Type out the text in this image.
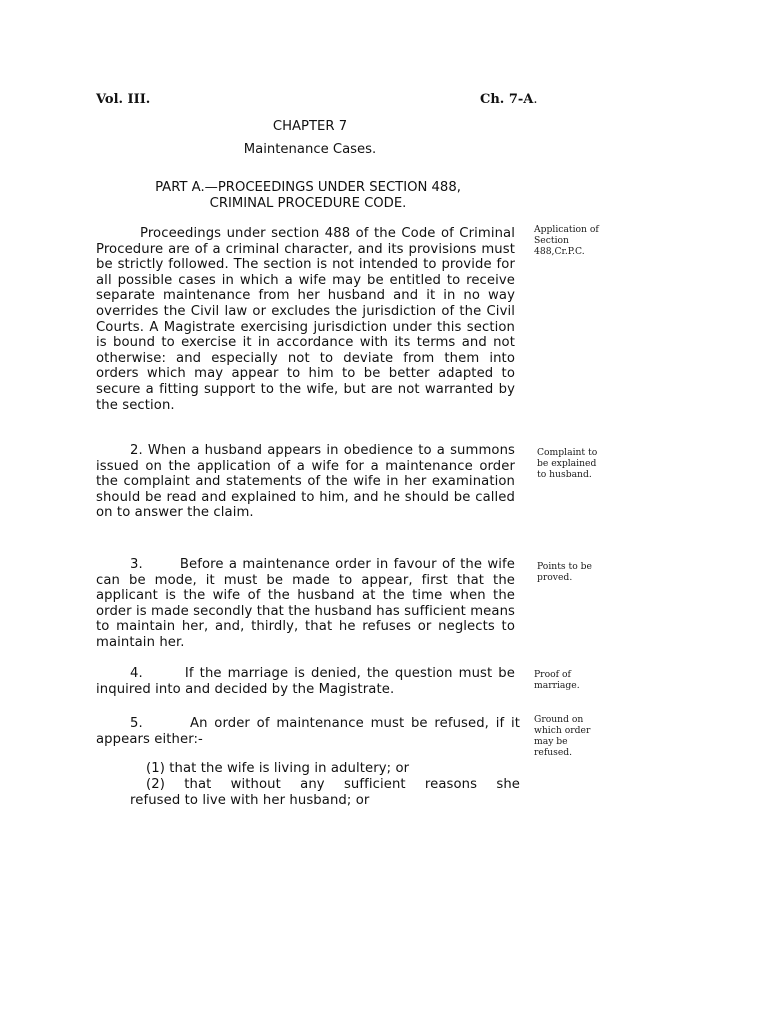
Vol. III.	Ch. 7-A.
CHAPTER 7
Maintenance Cases.
PART A.—PROCEEDINGS UNDER SECTION 488,
CRIMINAL PROCEDURE CODE.

Proceedings under section 488 of the Code of Criminal Procedure are of a criminal character, and its provisions must be strictly followed. The section is not intended to provide for all possible cases in which a wife may be entitled to receive separate maintenance from her husband and it in no way overrides the Civil law or excludes the jurisdiction of the Civil Courts. A Magistrate exercising jurisdiction under this section is bound to exercise it in accordance with its terms and not otherwise: and especially not to deviate from them into orders which may appear to him to be better adapted to secure a fitting support to the wife, but are not warranted by the section.

2. When a husband appears in obedience to a summons issued on the application of a wife for a maintenance order the complaint and statements of the wife in her examination should be read and explained to him, and he should be called on to answer the claim.

3.       Before a maintenance order in favour of the wife can be mode, it must be made to appear, first that the applicant is the wife of the husband at the time when the order is made secondly that the husband has sufficient means to maintain her, and, thirdly, that he refuses or neglects to maintain her.

4.       If the marriage is denied, the question must be inquired into and decided by the Magistrate.

5.       An order of maintenance must be refused, if it appears either:-

(1) that the wife is living in adultery; or
(2) that without any sufficient reasons she
refused to live with her husband; or
Application of
Section
488,Cr.P.C.
Complaint to
be explained
to husband.
Points to be
proved.
Proof of
marriage.
Ground on
which order
may be
refused.
